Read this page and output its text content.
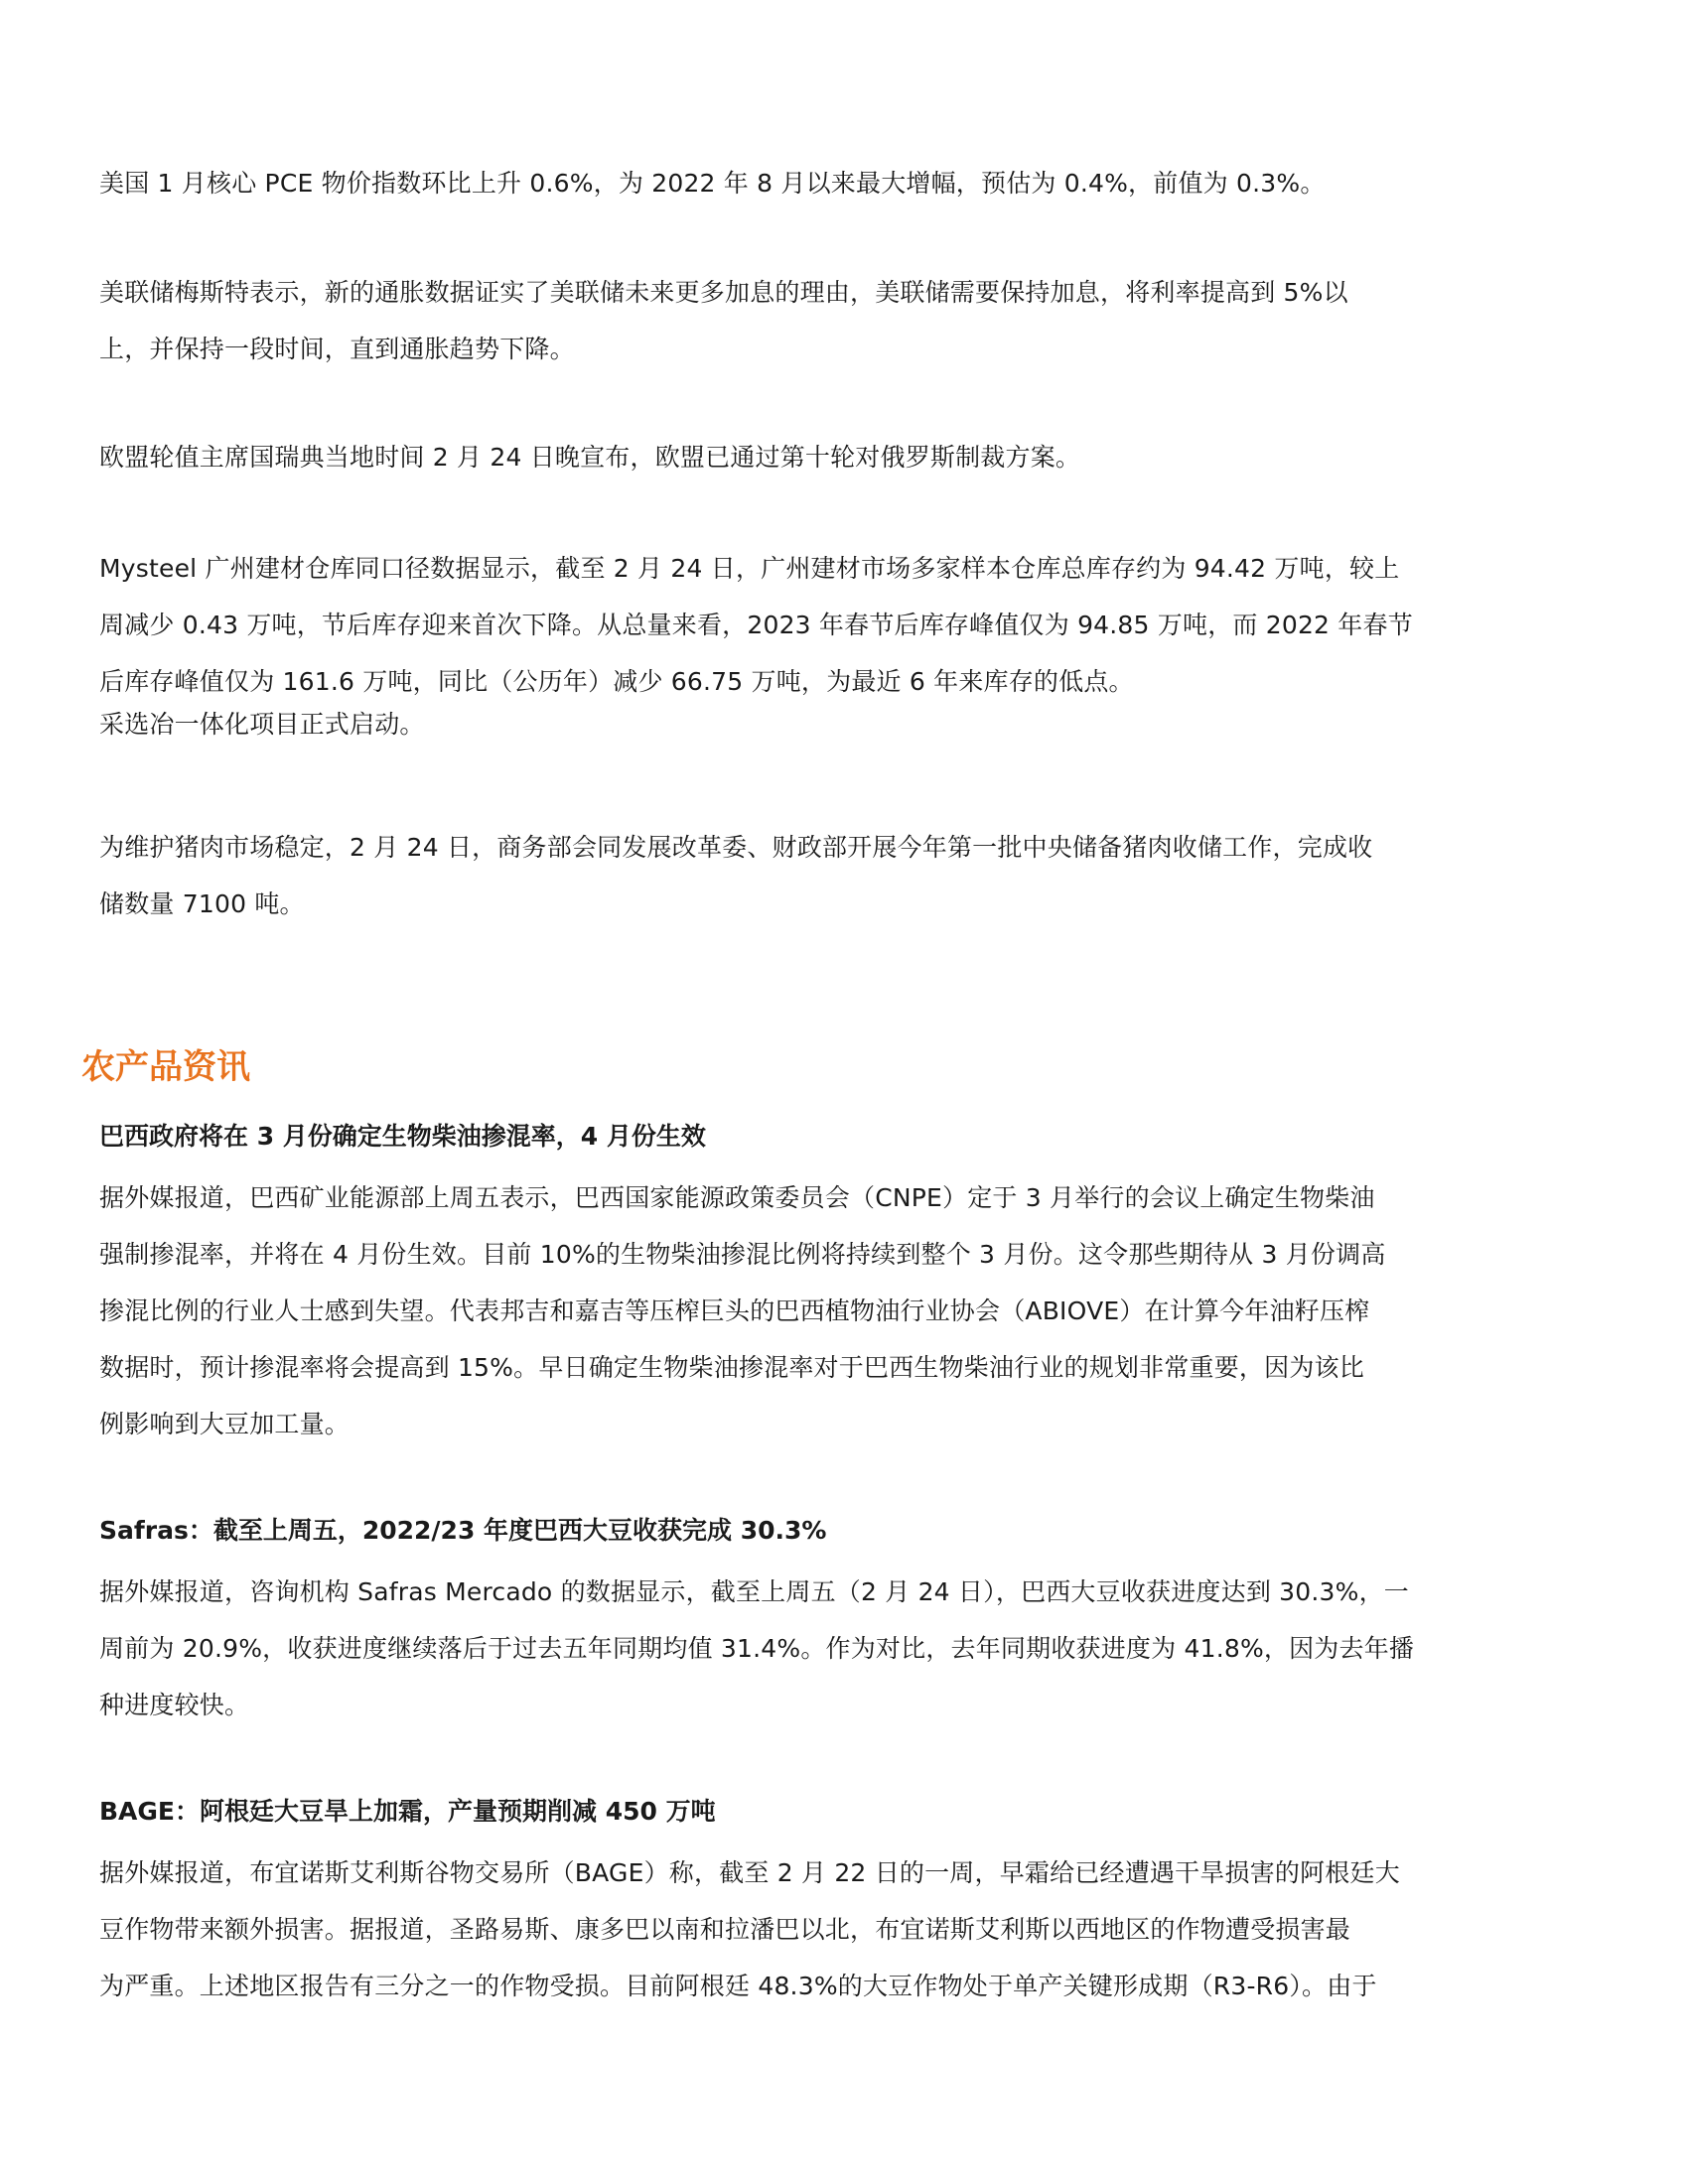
美国 1 月核心 PCE 物价指数环比上升 0.6%，为 2022 年 8 月以来最大增幅，预估为 0.4%，前值为 0.3%。
美联储梅斯特表示，新的通胀数据证实了美联储未来更多加息的理由，美联储需要保持加息，将利率提高到 5%以
上，并保持一段时间，直到通胀趋势下降。
欧盟轮值主席国瑞典当地时间 2 月 24 日晚宣布，欧盟已通过第十轮对俄罗斯制裁方案。
Mysteel 广州建材仓库同口径数据显示，截至 2 月 24 日，广州建材市场多家样本仓库总库存约为 94.42 万吨，较上
周减少 0.43 万吨，节后库存迎来首次下降。从总量来看，2023 年春节后库存峰值仅为 94.85 万吨，而 2022 年春节
后库存峰值仅为 161.6 万吨，同比（公历年）减少 66.75 万吨，为最近 6 年来库存的低点。
采选冶一体化项目正式启动。
为维护猪肉市场稳定，2 月 24 日，商务部会同发展改革委、财政部开展今年第一批中央储备猪肉收储工作，完成收
储数量 7100 吨。
农产品资讯
巴西政府将在 3 月份确定生物柴油掺混率，4 月份生效
据外媒报道，巴西矿业能源部上周五表示，巴西国家能源政策委员会（CNPE）定于 3 月举行的会议上确定生物柴油
强制掺混率，并将在 4 月份生效。目前 10%的生物柴油掺混比例将持续到整个 3 月份。这令那些期待从 3 月份调高
掺混比例的行业人士感到失望。代表邦吉和嘉吉等压榨巨头的巴西植物油行业协会（ABIOVE）在计算今年油籽压榨
数据时，预计掺混率将会提高到 15%。早日确定生物柴油掺混率对于巴西生物柴油行业的规划非常重要，因为该比
例影响到大豆加工量。
Safras：截至上周五，2022/23 年度巴西大豆收获完成 30.3%
据外媒报道，咨询机构 Safras Mercado 的数据显示，截至上周五（2 月 24 日），巴西大豆收获进度达到 30.3%，一
周前为 20.9%，收获进度继续落后于过去五年同期均值 31.4%。作为对比，去年同期收获进度为 41.8%，因为去年播
种进度较快。
BAGE：阿根廷大豆旱上加霜，产量预期削减 450 万吨
据外媒报道，布宜诺斯艾利斯谷物交易所（BAGE）称，截至 2 月 22 日的一周，早霜给已经遭遇干旱损害的阿根廷大
豆作物带来额外损害。据报道，圣路易斯、康多巴以南和拉潘巴以北，布宜诺斯艾利斯以西地区的作物遭受损害最
为严重。上述地区报告有三分之一的作物受损。目前阿根廷 48.3%的大豆作物处于单产关键形成期（R3-R6）。由于
